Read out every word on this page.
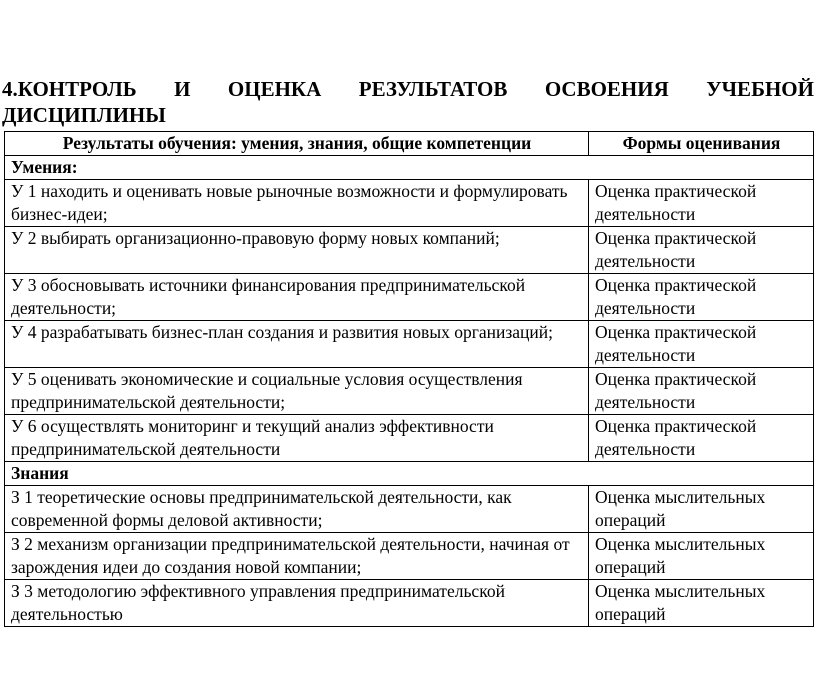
4.КОНТРОЛЬ И ОЦЕНКА РЕЗУЛЬТАТОВ ОСВОЕНИЯ УЧЕБНОЙ
ДИСЦИПЛИНЫ
Результаты обучения: умения, знания, общие компетенции	Формы оценивания
Умения:	
У 1 находить и оценивать новые рыночные возможности и формулировать бизнес-идеи;	Оценка практической деятельности
У 2 выбирать организационно-правовую форму новых компаний;	Оценка практической деятельности
У 3 обосновывать источники финансирования предпринимательской деятельности;	Оценка практической деятельности
У 4 разрабатывать бизнес-план создания и развития новых организаций;	Оценка практической деятельности
У 5 оценивать экономические и социальные условия осуществления предпринимательской деятельности;	Оценка практической деятельности
У 6 осуществлять мониторинг и текущий анализ эффективности предпринимательской деятельности	Оценка практической деятельности
Знания	
З 1 теоретические основы предпринимательской деятельности, как современной формы деловой активности;	Оценка мыслительных операций
З 2 механизм организации предпринимательской деятельности, начиная от зарождения идеи до создания новой компании;	Оценка мыслительных операций
З 3 методологию эффективного управления предпринимательской деятельностью	Оценка мыслительных операций
